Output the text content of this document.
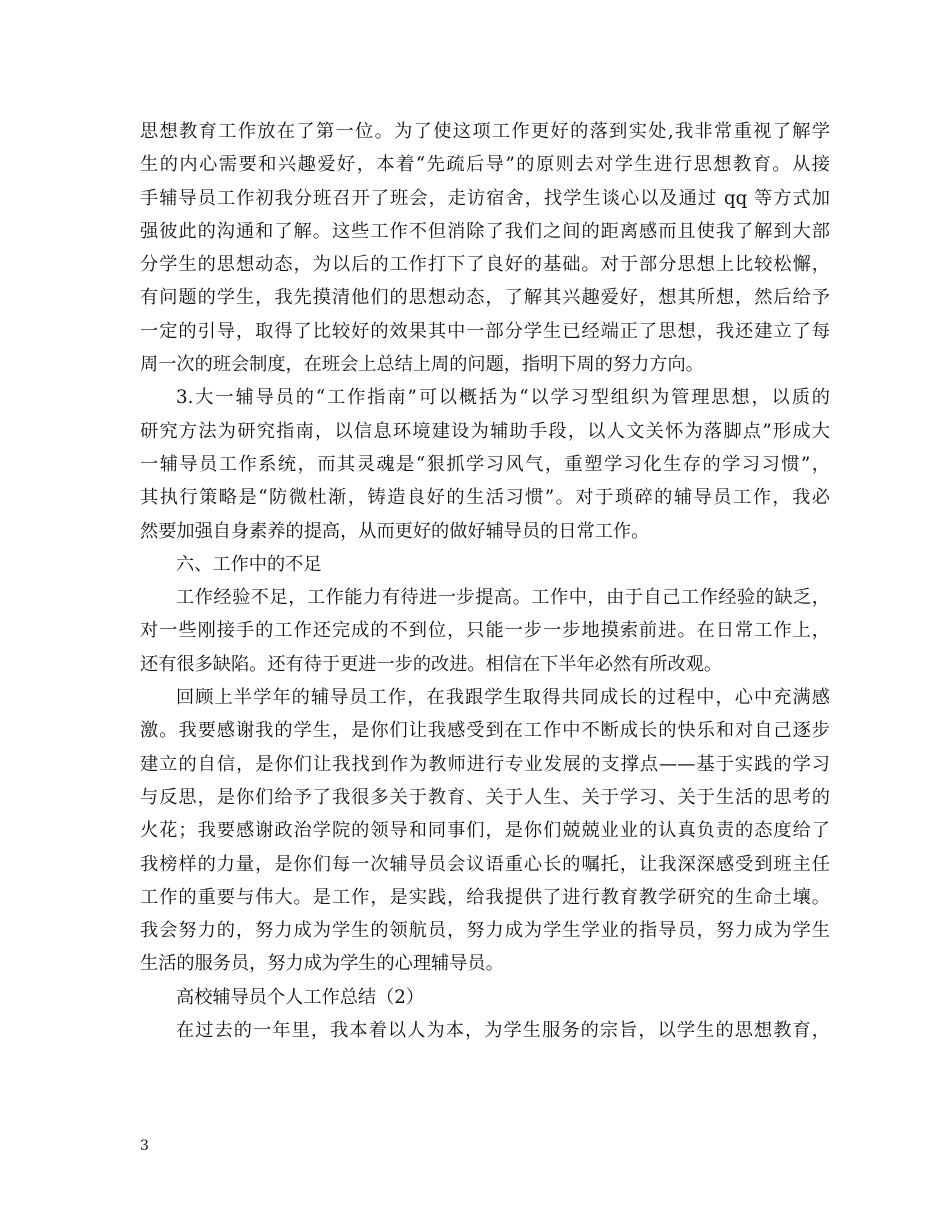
思想教育工作放在了第一位。为了使这项工作更好的落到实处,我非常重视了解学
生的内心需要和兴趣爱好，本着“先疏后导”的原则去对学生进行思想教育。从接
手辅导员工作初我分班召开了班会，走访宿舍，找学生谈心以及通过 qq 等方式加
强彼此的沟通和了解。这些工作不但消除了我们之间的距离感而且使我了解到大部
分学生的思想动态，为以后的工作打下了良好的基础。对于部分思想上比较松懈，
有问题的学生，我先摸清他们的思想动态，了解其兴趣爱好，想其所想，然后给予
一定的引导，取得了比较好的效果其中一部分学生已经端正了思想，我还建立了每
周一次的班会制度，在班会上总结上周的问题，指明下周的努力方向。
3.大一辅导员的“工作指南”可以概括为“以学习型组织为管理思想，以质的
研究方法为研究指南，以信息环境建设为辅助手段，以人文关怀为落脚点”形成大
一辅导员工作系统，而其灵魂是“狠抓学习风气，重塑学习化生存的学习习惯”，
其执行策略是“防微杜渐，铸造良好的生活习惯”。对于琐碎的辅导员工作，我必
然要加强自身素养的提高，从而更好的做好辅导员的日常工作。
六、工作中的不足
工作经验不足，工作能力有待进一步提高。工作中，由于自己工作经验的缺乏，
对一些刚接手的工作还完成的不到位，只能一步一步地摸索前进。在日常工作上，
还有很多缺陷。还有待于更进一步的改进。相信在下半年必然有所改观。
回顾上半学年的辅导员工作，在我跟学生取得共同成长的过程中，心中充满感
激。我要感谢我的学生，是你们让我感受到在工作中不断成长的快乐和对自己逐步
建立的自信，是你们让我找到作为教师进行专业发展的支撑点——基于实践的学习
与反思，是你们给予了我很多关于教育、关于人生、关于学习、关于生活的思考的
火花；我要感谢政治学院的领导和同事们，是你们兢兢业业的认真负责的态度给了
我榜样的力量，是你们每一次辅导员会议语重心长的嘱托，让我深深感受到班主任
工作的重要与伟大。是工作，是实践，给我提供了进行教育教学研究的生命土壤。
我会努力的，努力成为学生的领航员，努力成为学生学业的指导员，努力成为学生
生活的服务员，努力成为学生的心理辅导员。
高校辅导员个人工作总结（2）
在过去的一年里，我本着以人为本，为学生服务的宗旨，以学生的思想教育，
3
